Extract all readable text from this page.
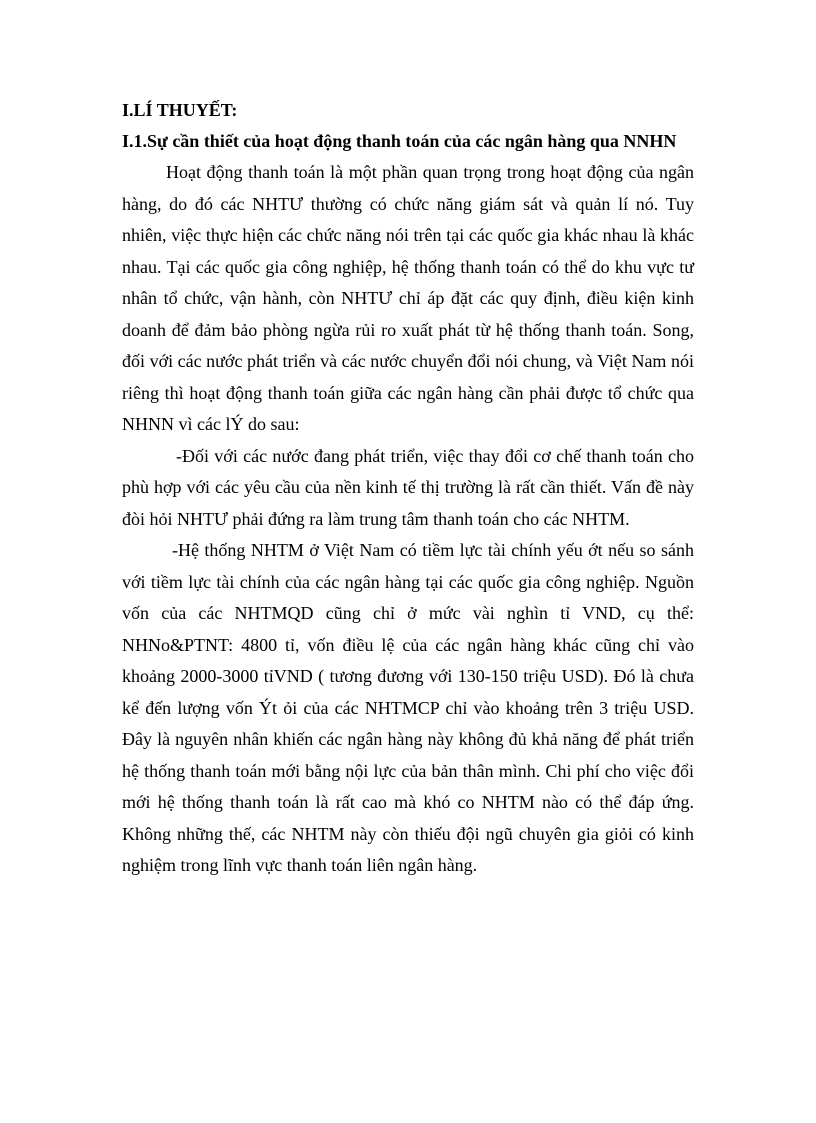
I.LÍ THUYẾT:
I.1.Sự cần thiết của hoạt động thanh toán của các ngân hàng qua NNHN

Hoạt động thanh toán là một phần quan trọng trong hoạt động của ngân hàng, do đó các NHTƯ thường có chức năng giám sát và quản lí nó. Tuy nhiên, việc thực hiện các chức năng nói trên tại các quốc gia khác nhau là khác nhau. Tại các quốc gia công nghiệp, hệ thống thanh toán có thể do khu vực tư nhân tổ chức, vận hành, còn NHTƯ chỉ áp đặt các quy định, điều kiện kinh doanh để đảm bảo phòng ngừa rủi ro xuất phát từ hệ thống thanh toán. Song, đối với các nước phát triển và các nước chuyển đổi nói chung, và Việt Nam nói riêng thì hoạt động thanh toán giữa các ngân hàng cần phải được tổ chức qua NHNN vì các lÝ do sau:

-Đối với các nước đang phát triển, việc thay đổi cơ chế thanh toán cho phù hợp với các yêu cầu của nền kinh tế thị trường là rất cần thiết. Vấn đề này đòi hỏi NHTƯ phải đứng ra làm trung tâm thanh toán cho các NHTM.

-Hệ thống NHTM ở Việt Nam có tiềm lực tài chính yếu ớt nếu so sánh với tiềm lực tài chính của các ngân hàng tại các quốc gia công nghiệp. Nguồn vốn của các NHTMQD cũng chỉ ở mức vài nghìn tỉ VND, cụ thể: NHNo&PTNT: 4800 tỉ, vốn điều lệ của các ngân hàng khác cũng chỉ vào khoảng 2000-3000 tỉVND ( tương đương với 130-150 triệu USD). Đó là chưa kể đến lượng vốn Ýt ỏi của các NHTMCP chỉ vào khoảng trên 3 triệu USD. Đây là nguyên nhân khiến các ngân hàng này không đủ khả năng để phát triển hệ thống thanh toán mới bằng nội lực của bản thân mình. Chi phí cho việc đổi mới hệ thống thanh toán là rất cao mà khó co NHTM nào có thể đáp ứng. Không những thế, các NHTM này còn thiếu đội ngũ chuyên gia giỏi có kinh nghiệm trong lĩnh vực thanh toán liên ngân hàng.
